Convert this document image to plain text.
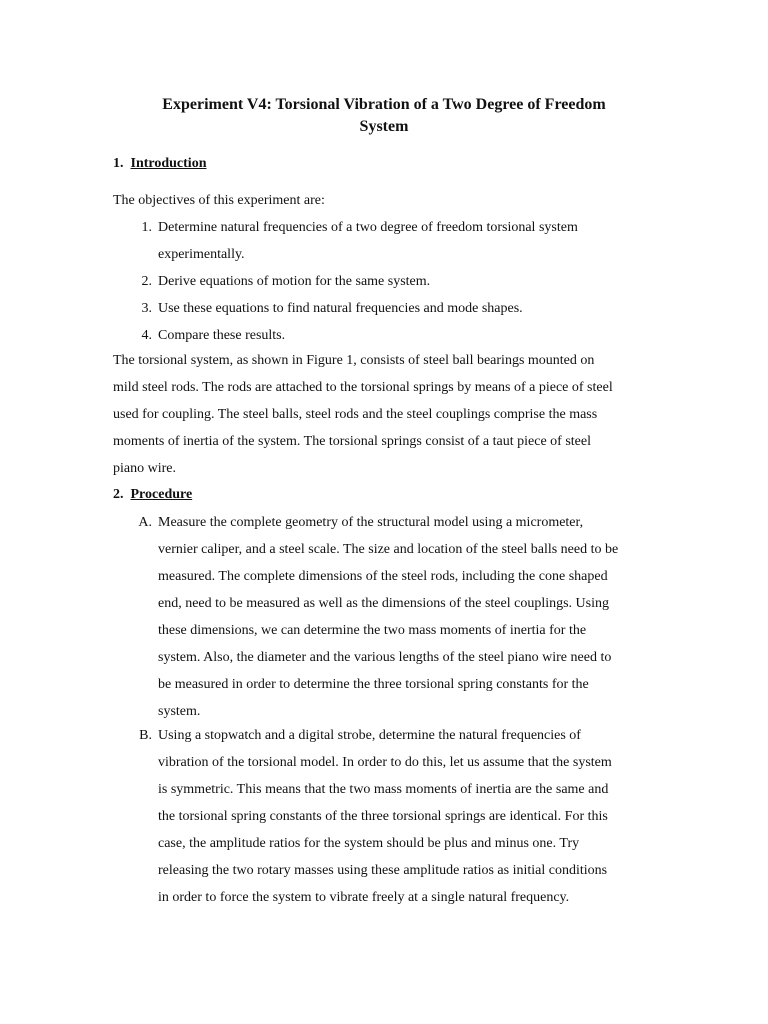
Experiment V4: Torsional Vibration of a Two Degree of Freedom
System
1. Introduction
The objectives of this experiment are:
1. Determine natural frequencies of a two degree of freedom torsional system
experimentally.
2. Derive equations of motion for the same system.
3. Use these equations to find natural frequencies and mode shapes.
4. Compare these results.
The torsional system, as shown in Figure 1, consists of steel ball bearings mounted on
mild steel rods. The rods are attached to the torsional springs by means of a piece of steel
used for coupling. The steel balls, steel rods and the steel couplings comprise the mass
moments of inertia of the system. The torsional springs consist of a taut piece of steel
piano wire.
2. Procedure
A. Measure the complete geometry of the structural model using a micrometer,
vernier caliper, and a steel scale. The size and location of the steel balls need to be
measured. The complete dimensions of the steel rods, including the cone shaped
end, need to be measured as well as the dimensions of the steel couplings. Using
these dimensions, we can determine the two mass moments of inertia for the
system. Also, the diameter and the various lengths of the steel piano wire need to
be measured in order to determine the three torsional spring constants for the
system.
B. Using a stopwatch and a digital strobe, determine the natural frequencies of
vibration of the torsional model. In order to do this, let us assume that the system
is symmetric. This means that the two mass moments of inertia are the same and
the torsional spring constants of the three torsional springs are identical. For this
case, the amplitude ratios for the system should be plus and minus one. Try
releasing the two rotary masses using these amplitude ratios as initial conditions
in order to force the system to vibrate freely at a single natural frequency.
